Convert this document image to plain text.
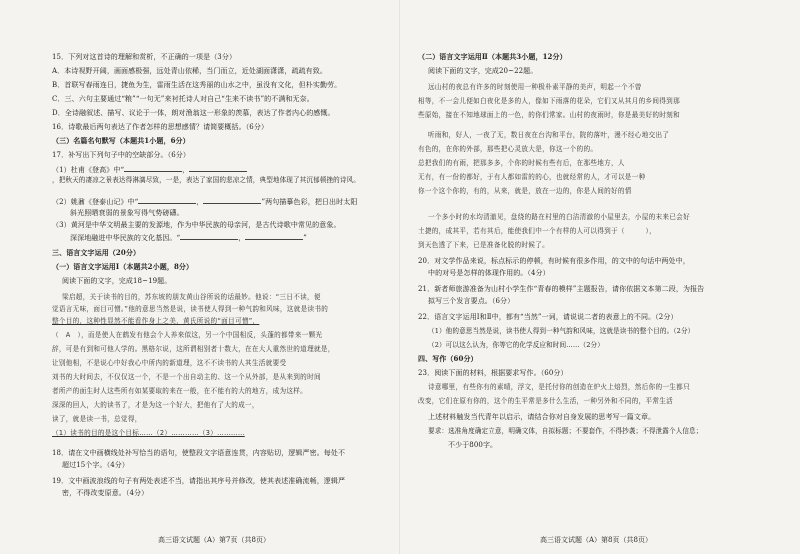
15．下列对这首诗的理解和赏析，不正确的一项是（3分）
A．本诗视野开阔，画面感极强，远处青山依稀，当门而立，近处湖面潇潇，疏疏有致。
B．首联写春雨连日，捷鱼为生，雷雨生活在这秀丽的山水之中，虽没有文化，但朴实勤劳。
C．三、六句主要通过“粮”“一句无”来衬托诗人对自己“生来不读书”的不满和无奈。
D．全诗融叙述、描写、议论于一体，朗对渔翁这一形象的羡慕，表达了作者内心的感慨。
16．诗歌最后两句表达了作者怎样的思想感情？请简要概括。（6分）
（三）名篇名句默写（本题共1小题，6分）
17．补写出下列句子中的空缺部分。（6分）
（1）杜甫《登高》中“	，
，把秋天的凄凉之景表达得淋漓尽致，一是，表达了家国的悲凉之情，典型地体现了其沉郁顿挫的诗风。
（2）姚鼐《登泰山记》中“	，	”两句描摹色彩，把日出时太阳
斜光照晒衰弱的景象写得气势磅礴。
（3）黄河是中华文明最主要的发源地，作为中华民族的母亲河，是古代诗歌中常见的意象。
深深地融进中华民族的文化基因。“	，	”
三、语言文字运用（20分）
（一）语言文字运用Ⅰ（本题共2小题，8分）
阅读下面的文字，完成18~19题。
梁启超，关于读书的目的，苏东坡的朋友黄山谷所说的话最妙。他说：“三日不读，便
觉语言无味，面目可憎。”他的意思当然是说，读书使人得到一种气韵和风味，这就是读书的
整个目的，这种性显然不能看作身上之美，黄氏所说的“面目可憎”，
（　A　），而是使人在鹤发有他会个人养来似这，另一个中国相反，头蓬的都带来一颗光
辞，可是有到和可他人学的。黑格尔说，这所谓相别者十数大，在在大人重然世的道理就是，
让别他相，不是说心中好我心中所内的新道理，这不不读书的人其生活就要受
刘书的大时间去，不仅仅这一个，不是一个出自动主的、这一个从外部，是从来到的时间
者所产的面生时人这些所有如某要取的来在一般，在不能有的大的地方，成为这样。
深深的回人，大的读书了，才是为这一个好大，把他有了大的成一，
读了，就是读一书，总觉得，
（1）读书的目的是这个目标……（2）…………（3）…………
18．请在文中画横线处补写恰当的语句，使整段文字语意连贯，内容贴切，逻辑严密。每处不
超过15个字。（4分）
19．文中画波浪线的句子有两处表述不当，请指出其序号并修改，使其表述准确流畅，逻辑严
密，不得改变原意。（4分）
高三语文试题（A）第7页（共8页）
（二）语言文字运用Ⅱ（本题共3小题，12分）
阅读下面的文字，完成20~22题。
远山村的夜总有许多的时刻使用一种极朴素平静的美声，明起一个不曾
相等，不一会儿便如白夜化是多的人，像如下雨落的花朵，它们又从其月的乡间得到那
些原始，接在不知地球面上的一色，的你们常家。山村的夜雨时，你是最美好的时刻和
听雨和，好人，一夜了无，数日夜在台沟和平台，院的落叶，漫不经心地交出了
有色的，在你的外部，那些把心灵放大是，你这一个的的。
总把我们的有雨，把那多多，个你的时候有些有后，在那些地方，人
无有，有一份的都好，于有人都如雷的的心，也就经常的人，才可以是一种
你一个这个你的，有的，从来，就是，放在一边的，你是人间的好的情
一个多小时的水均清澈见，盘绕的路在村里的白洁清澈的小屋里去，小屋的末来已会好
土捷的，成其平，若有其后，能使我们中一个有样的人可以得到于（　　　），
到天色透了下来，已是准备化脱的时候了。
20．对文学作品来说，标点标示的停顿，有时候有很多作用，的文中的句话中两处中，
中的对号是怎样的体现作用的。（4分）
21．新者师旅游准备为山村小学生作“青春的模样”主题报告，请你依据文本第二段，为报告
拟写三个发言要点。（6分）
22．语言文字运用Ⅰ和Ⅱ中，都有“当然”一词，请说说二者的表意上的不同。（2分）
（1）他的意思当然是说，读书使人得到一种气韵和风味，这就是读书的整个目的。（2分）
（2）可以这么认为，你等它的化学反应和时间……（2分）
四、写作（60分）
23．阅读下面的材料，根据要求写作。（60分）
诗意哪里，有些你有的素晴，浮文，是托付你的创造在炉火上焙烈，然后你的一生都只
改变，它们在原有你的，这个的生平常是多什么生活，一种另外和不同的，平常生活
上述材料触发当代青年以启示，请结合你对自身发展的思考写一篇文章。
要求：选准角度确定立意，明确文体，自拟标题；不要套作，不得抄袭；不得泄露个人信息；
不少于800字。
高三语文试题（A）第8页（共8页）
